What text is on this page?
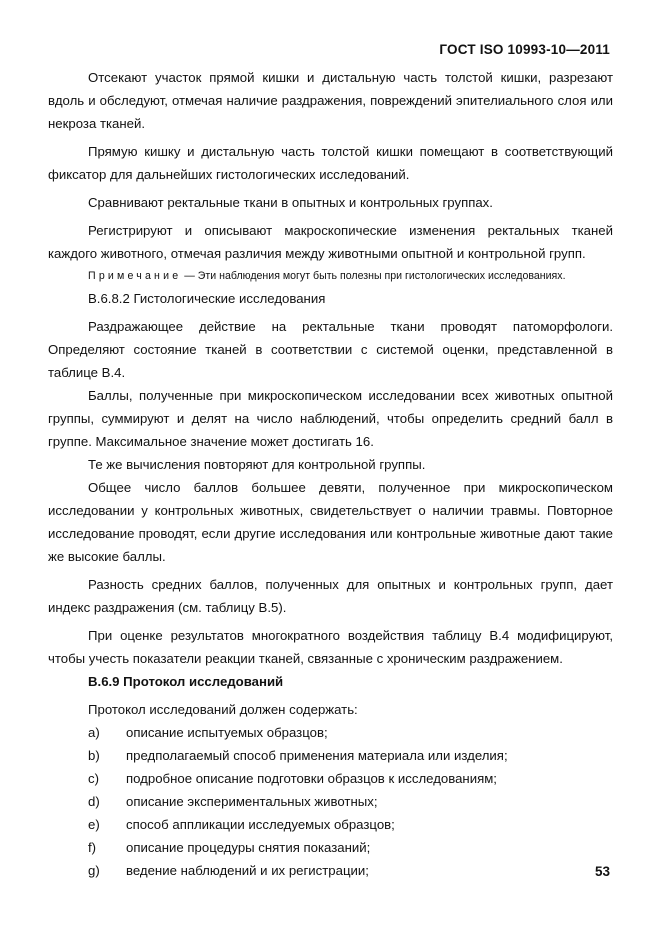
ГОСТ ISO 10993-10—2011

Отсекают участок прямой кишки и дистальную часть толстой кишки, разрезают вдоль и обследуют, отмечая наличие раздражения, повреждений эпителиального слоя или некроза тканей.

Прямую кишку и дистальную часть толстой кишки помещают в соответствующий фиксатор для дальнейших гистологических исследований.

Сравнивают ректальные ткани в опытных и контрольных группах.

Регистрируют и описывают макроскопические изменения ректальных тканей каждого животного, отмечая различия между животными опытной и контрольной групп.

Примечание — Эти наблюдения могут быть полезны при гистологических исследованиях.

В.6.8.2 Гистологические исследования

Раздражающее действие на ректальные ткани проводят патоморфологи. Определяют состояние тканей в соответствии с системой оценки, представленной в таблице В.4.

Баллы, полученные при микроскопическом исследовании всех животных опытной группы, суммируют и делят на число наблюдений, чтобы определить средний балл в группе. Максимальное значение может достигать 16.

Те же вычисления повторяют для контрольной группы.

Общее число баллов большее девяти, полученное при микроскопическом исследовании у контрольных животных, свидетельствует о наличии травмы. Повторное исследование проводят, если другие исследования или контрольные животные дают такие же высокие баллы.

Разность средних баллов, полученных для опытных и контрольных групп, дает индекс раздражения (см. таблицу В.5).

При оценке результатов многократного воздействия таблицу В.4 модифицируют, чтобы учесть показатели реакции тканей, связанные с хроническим раздражением.

В.6.9 Протокол исследований

Протокол исследований должен содержать:

a) описание испытуемых образцов;
b) предполагаемый способ применения материала или изделия;
c) подробное описание подготовки образцов к исследованиям;
d) описание экспериментальных животных;
e) способ аппликации исследуемых образцов;
f) описание процедуры снятия показаний;
g) ведение наблюдений и их регистрации;	53
